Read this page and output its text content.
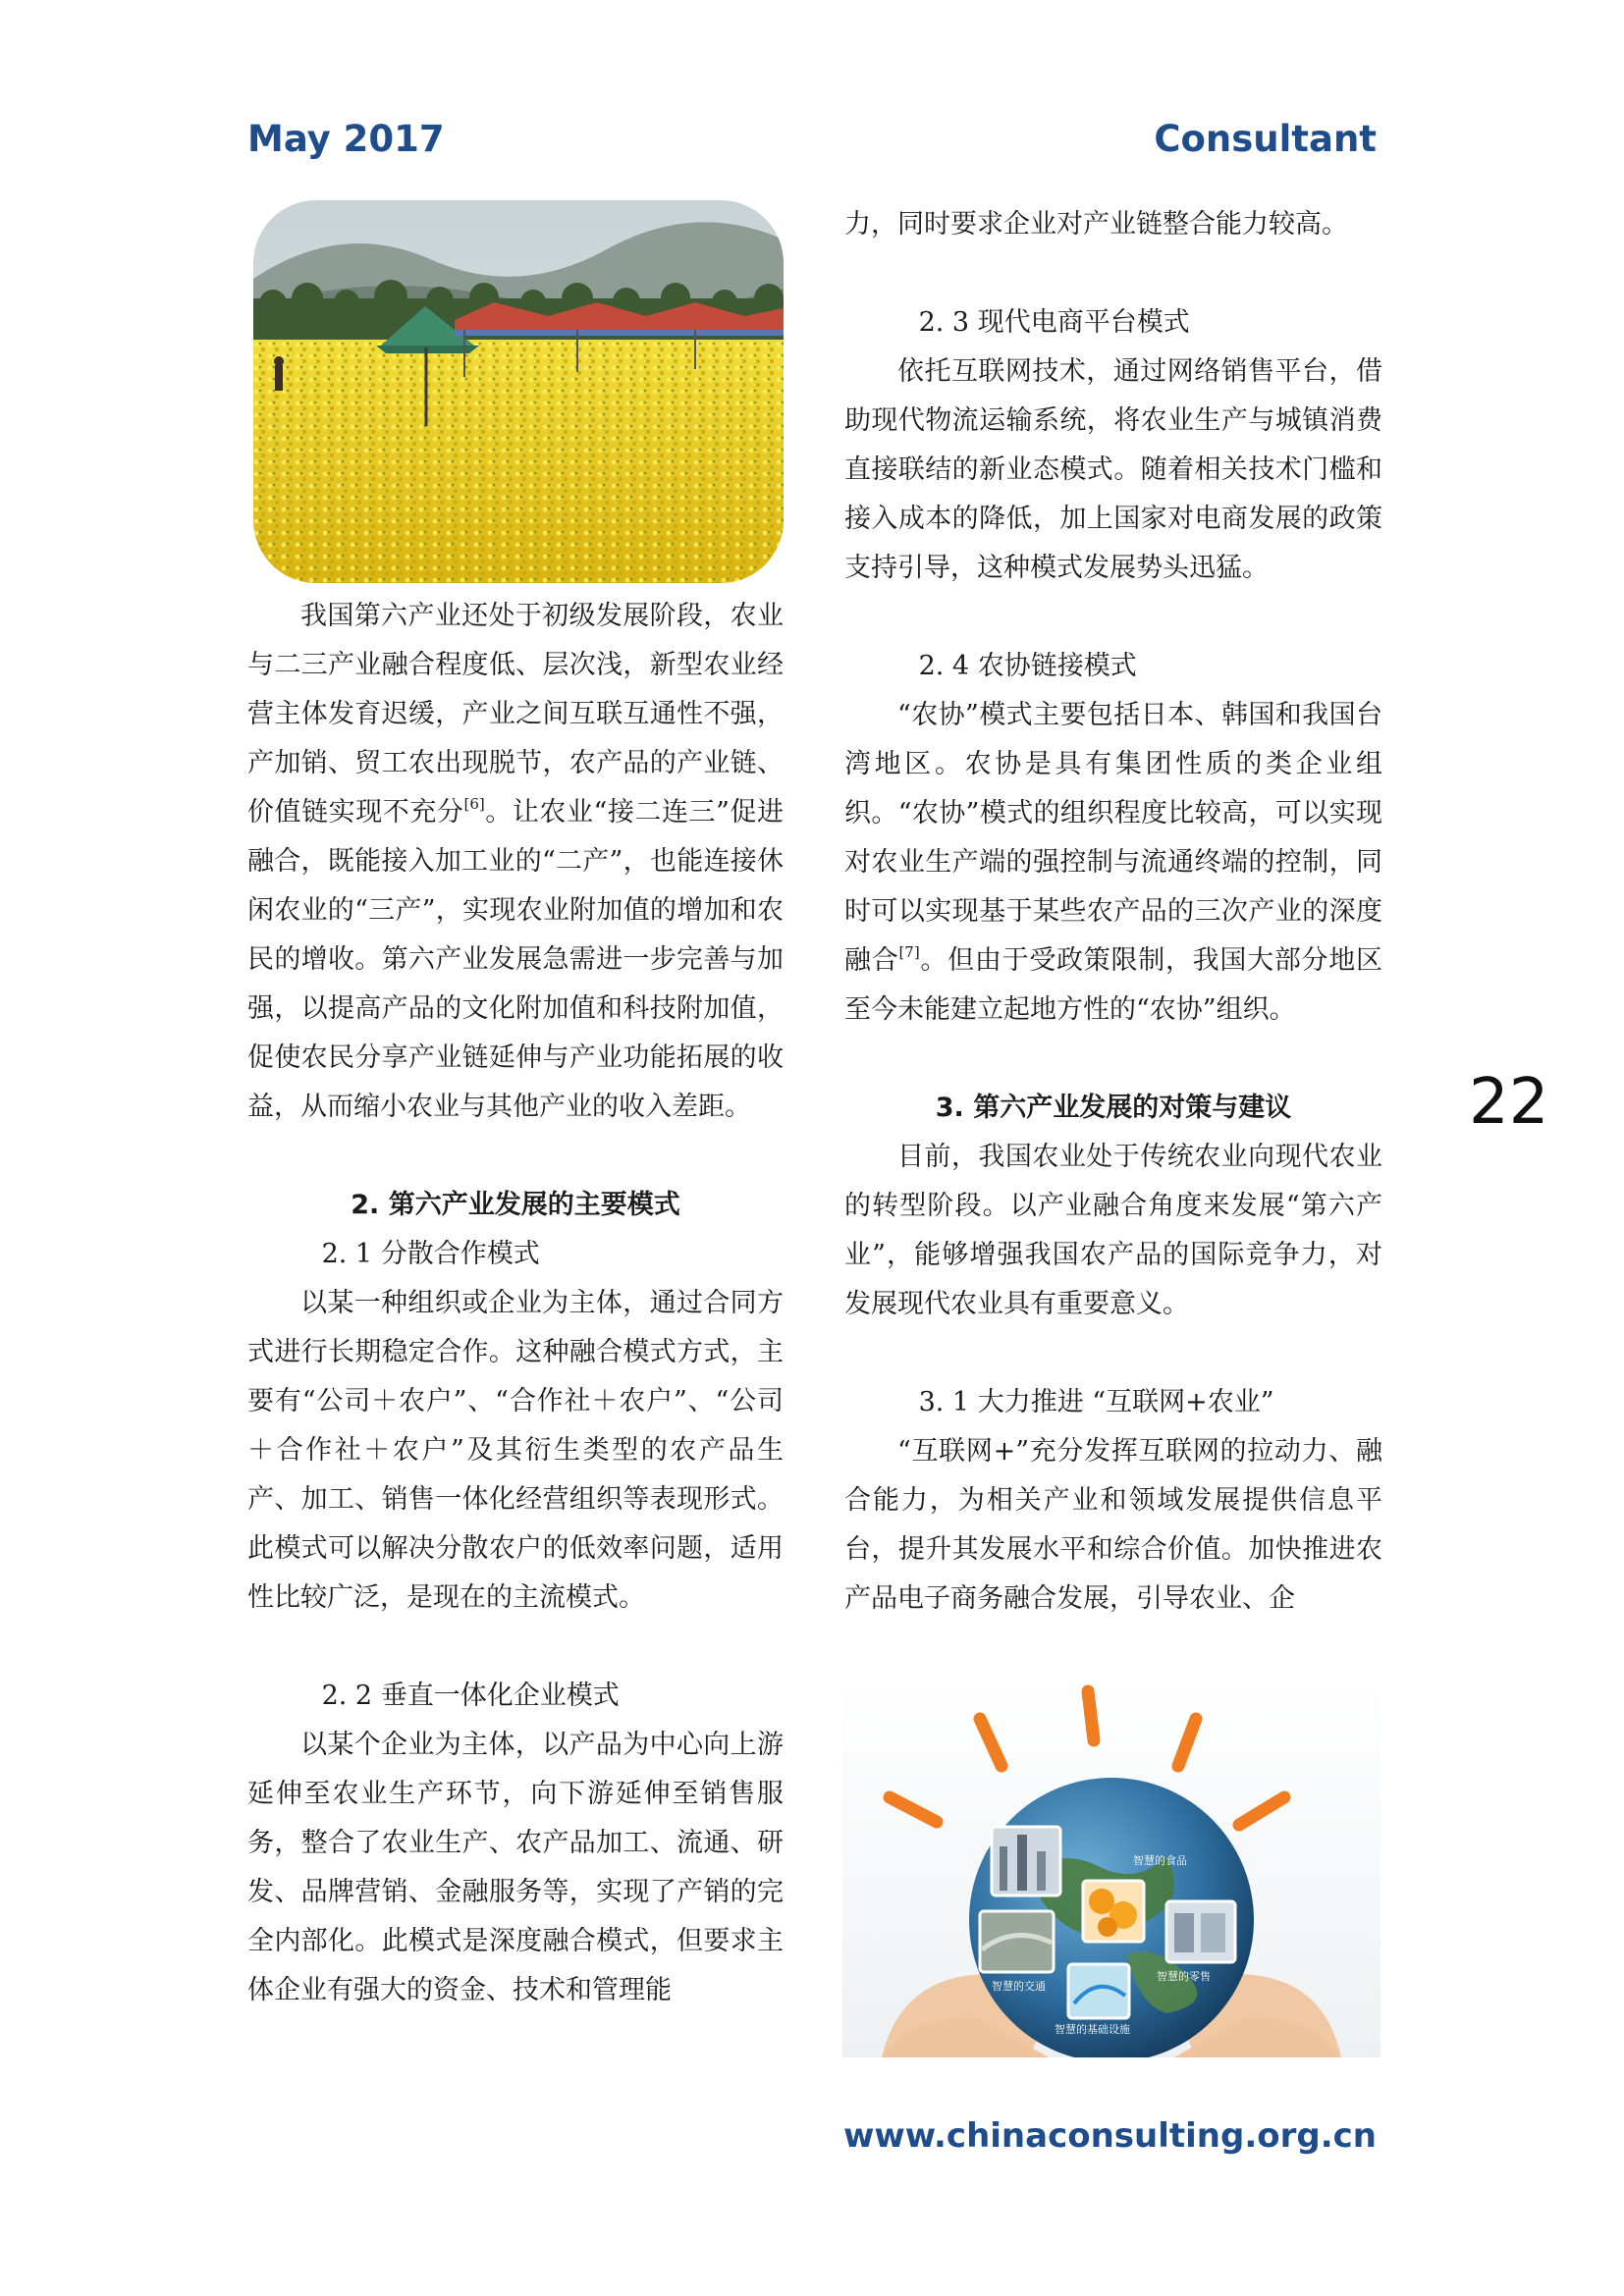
May 2017	Consultant

我国第六产业还处于初级发展阶段，农业与二三产业融合程度低、层次浅，新型农业经营主体发育迟缓，产业之间互联互通性不强，产加销、贸工农出现脱节，农产品的产业链、价值链实现不充分[6]。让农业“接二连三”促进融合，既能接入加工业的“二产”，也能连接休闲农业的“三产”，实现农业附加值的增加和农民的增收。第六产业发展急需进一步完善与加强，以提高产品的文化附加值和科技附加值，促使农民分享产业链延伸与产业功能拓展的收益，从而缩小农业与其他产业的收入差距。

2. 第六产业发展的主要模式

2. 1 分散合作模式

以某一种组织或企业为主体，通过合同方式进行长期稳定合作。这种融合模式方式，主要有“公司＋农户”、“合作社＋农户”、“公司＋合作社＋农户”及其衍生类型的农产品生产、加工、销售一体化经营组织等表现形式。此模式可以解决分散农户的低效率问题，适用性比较广泛，是现在的主流模式。

2. 2 垂直一体化企业模式

以某个企业为主体，以产品为中心向上游延伸至农业生产环节，向下游延伸至销售服务，整合了农业生产、农产品加工、流通、研发、品牌营销、金融服务等，实现了产销的完全内部化。此模式是深度融合模式，但要求主体企业有强大的资金、技术和管理能

力，同时要求企业对产业链整合能力较高。

2. 3 现代电商平台模式

依托互联网技术，通过网络销售平台，借助现代物流运输系统，将农业生产与城镇消费直接联结的新业态模式。随着相关技术门槛和接入成本的降低，加上国家对电商发展的政策支持引导，这种模式发展势头迅猛。

2. 4 农协链接模式

“农协”模式主要包括日本、韩国和我国台湾地区。农协是具有集团性质的类企业组织。“农协”模式的组织程度比较高，可以实现对农业生产端的强控制与流通终端的控制，同时可以实现基于某些农产品的三次产业的深度融合[7]。但由于受政策限制，我国大部分地区至今未能建立起地方性的“农协”组织。

3. 第六产业发展的对策与建议

目前，我国农业处于传统农业向现代农业的转型阶段。以产业融合角度来发展“第六产业”，能够增强我国农产品的国际竞争力，对发展现代农业具有重要意义。

3. 1 大力推进 “互联网+农业”

“互联网+”充分发挥互联网的拉动力、融合能力，为相关产业和领域发展提供信息平台，提升其发展水平和综合价值。加快推进农产品电子商务融合发展，引导农业、企

智慧的食品
智慧的交通
智慧的零售
智慧的基础设施
22
www.chinaconsulting.org.cn
